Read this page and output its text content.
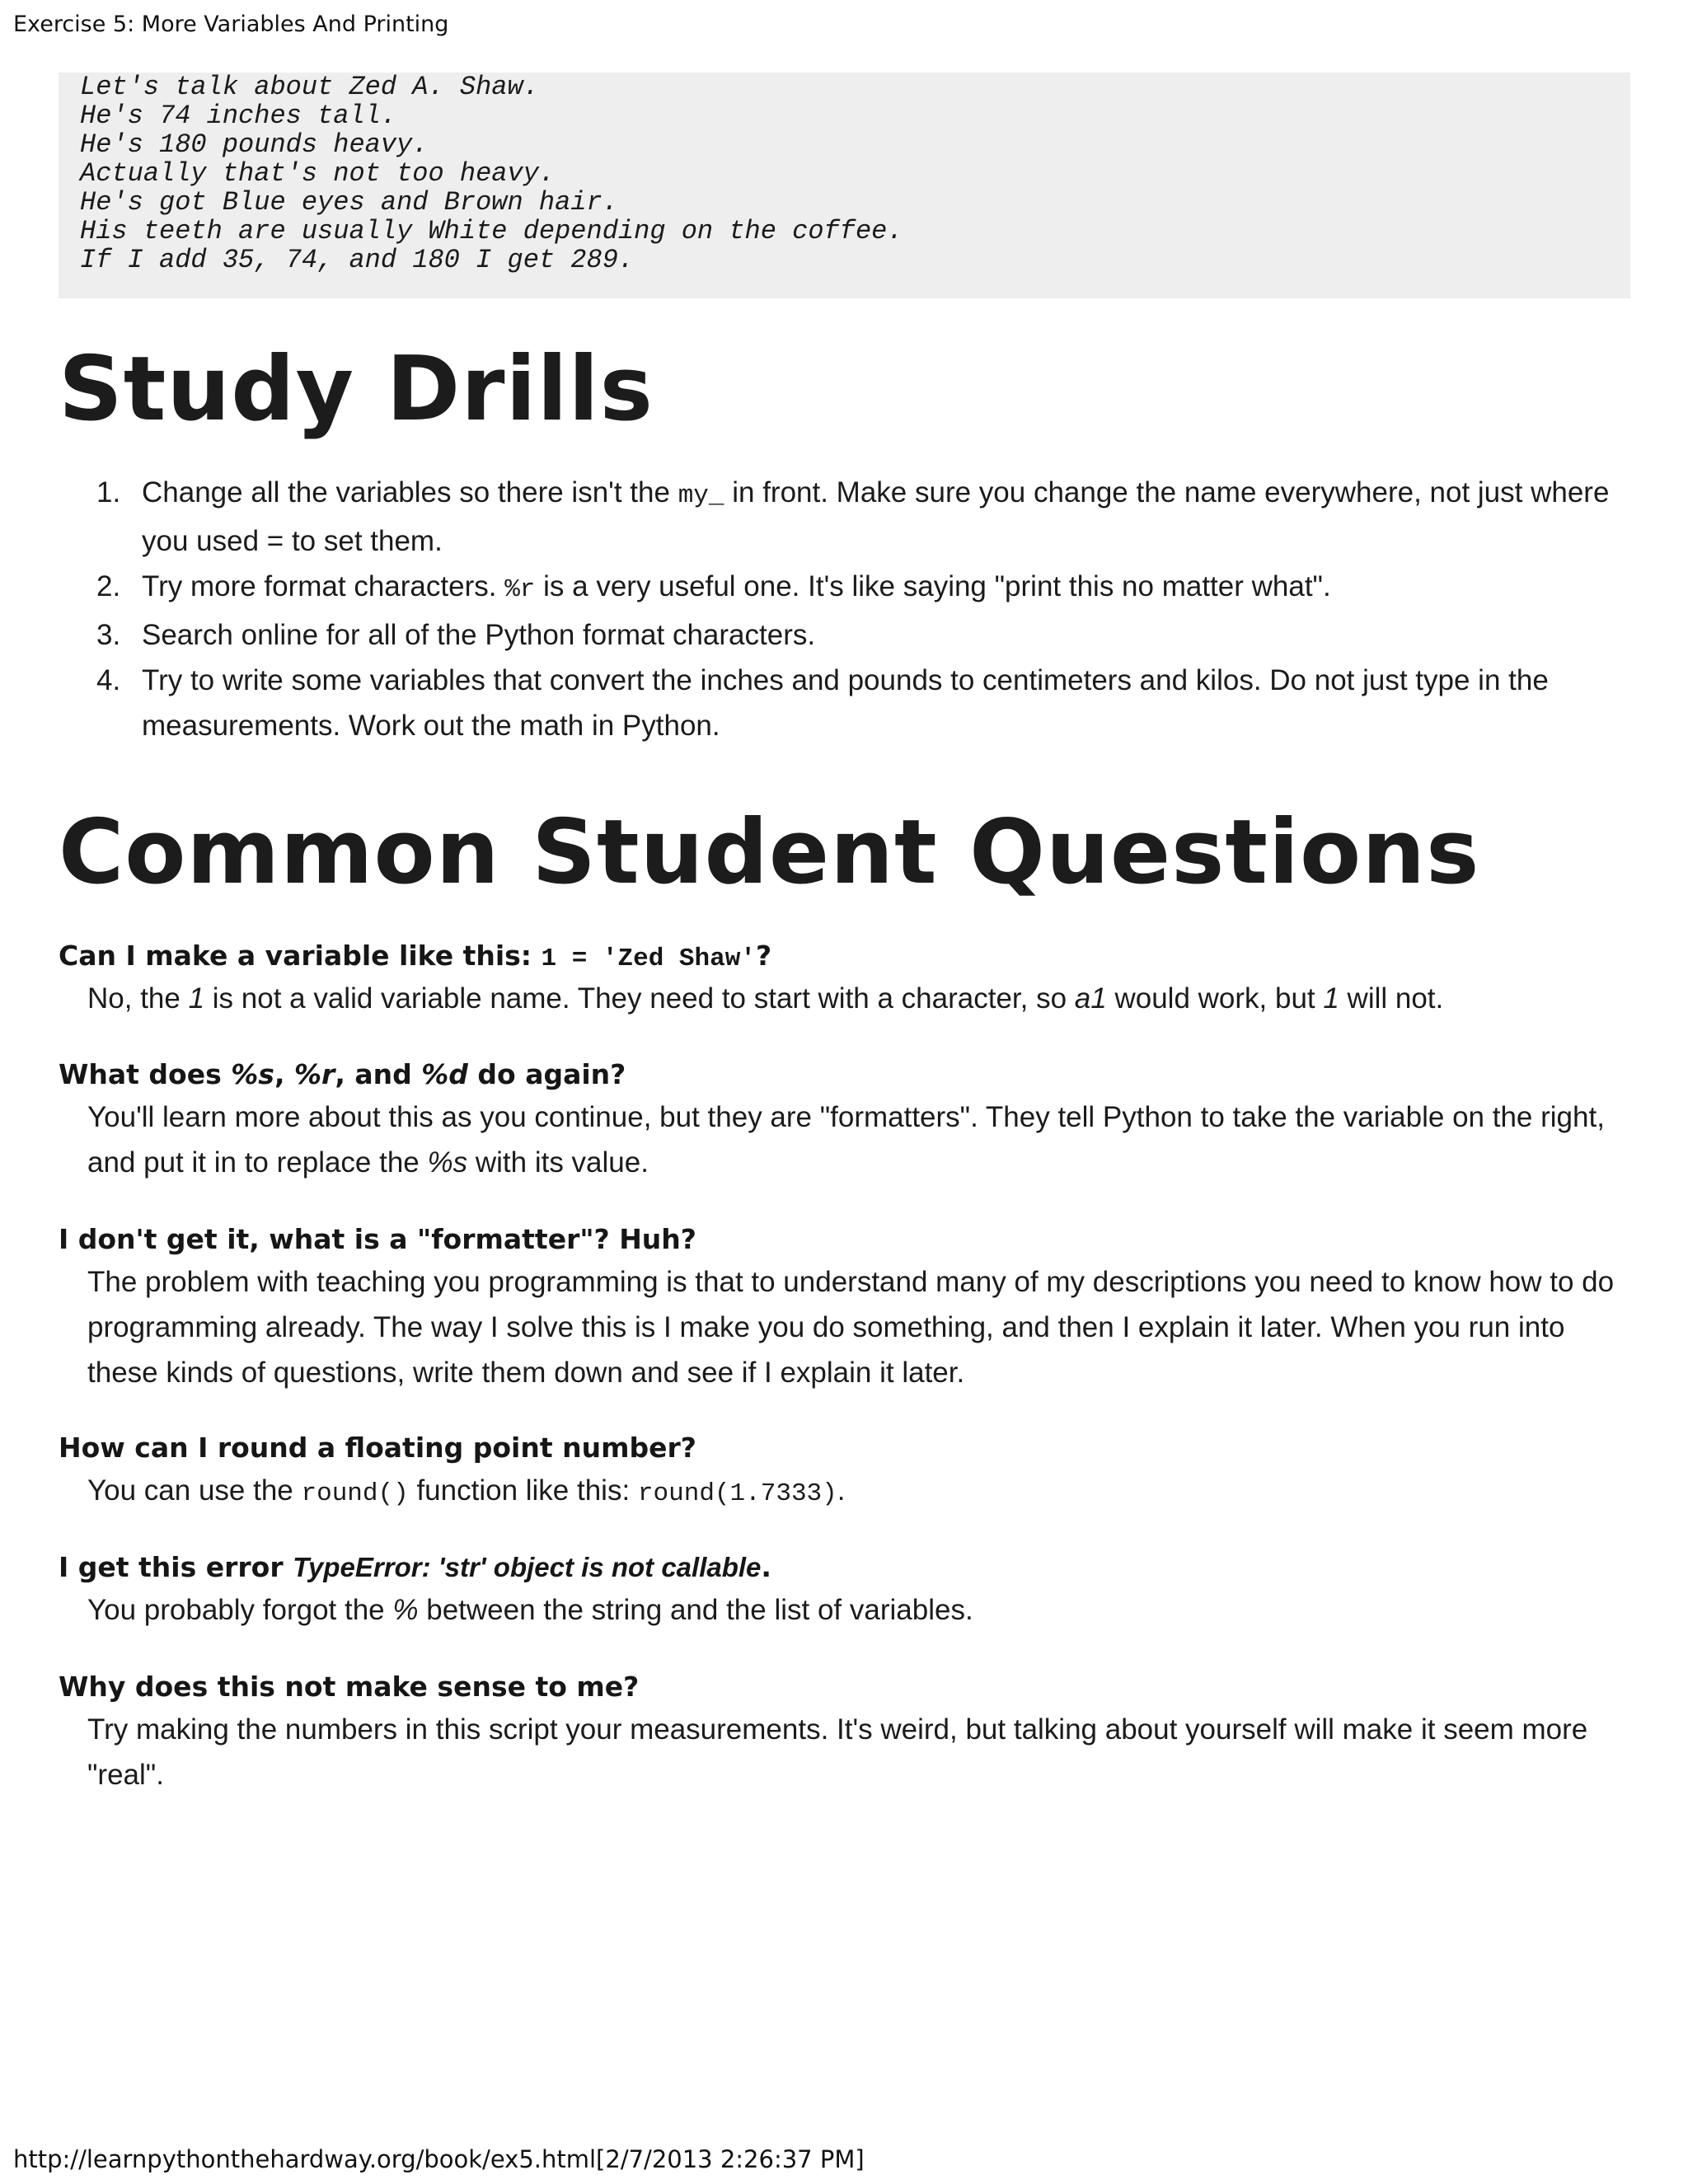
Exercise 5: More Variables And Printing
Let's talk about Zed A. Shaw.
He's 74 inches tall.
He's 180 pounds heavy.
Actually that's not too heavy.
He's got Blue eyes and Brown hair.
His teeth are usually White depending on the coffee.
If I add 35, 74, and 180 I get 289.
Study Drills
1. Change all the variables so there isn't the my_ in front. Make sure you change the name everywhere, not just where you used = to set them.
2. Try more format characters. %r is a very useful one. It's like saying "print this no matter what".
3. Search online for all of the Python format characters.
4. Try to write some variables that convert the inches and pounds to centimeters and kilos. Do not just type in the measurements. Work out the math in Python.
Common Student Questions

Can I make a variable like this: 1 = 'Zed Shaw'?

No, the 1 is not a valid variable name. They need to start with a character, so a1 would work, but 1 will not.

What does %s, %r, and %d do again?

You'll learn more about this as you continue, but they are "formatters". They tell Python to take the variable on the right, and put it in to replace the %s with its value.

I don't get it, what is a "formatter"? Huh?

The problem with teaching you programming is that to understand many of my descriptions you need to know how to do programming already. The way I solve this is I make you do something, and then I explain it later. When you run into these kinds of questions, write them down and see if I explain it later.

How can I round a floating point number?

You can use the round() function like this: round(1.7333).

I get this error TypeError: 'str' object is not callable.

You probably forgot the % between the string and the list of variables.

Why does this not make sense to me?

Try making the numbers in this script your measurements. It's weird, but talking about yourself will make it seem more "real".

http://learnpythonthehardway.org/book/ex5.html[2/7/2013 2:26:37 PM]
